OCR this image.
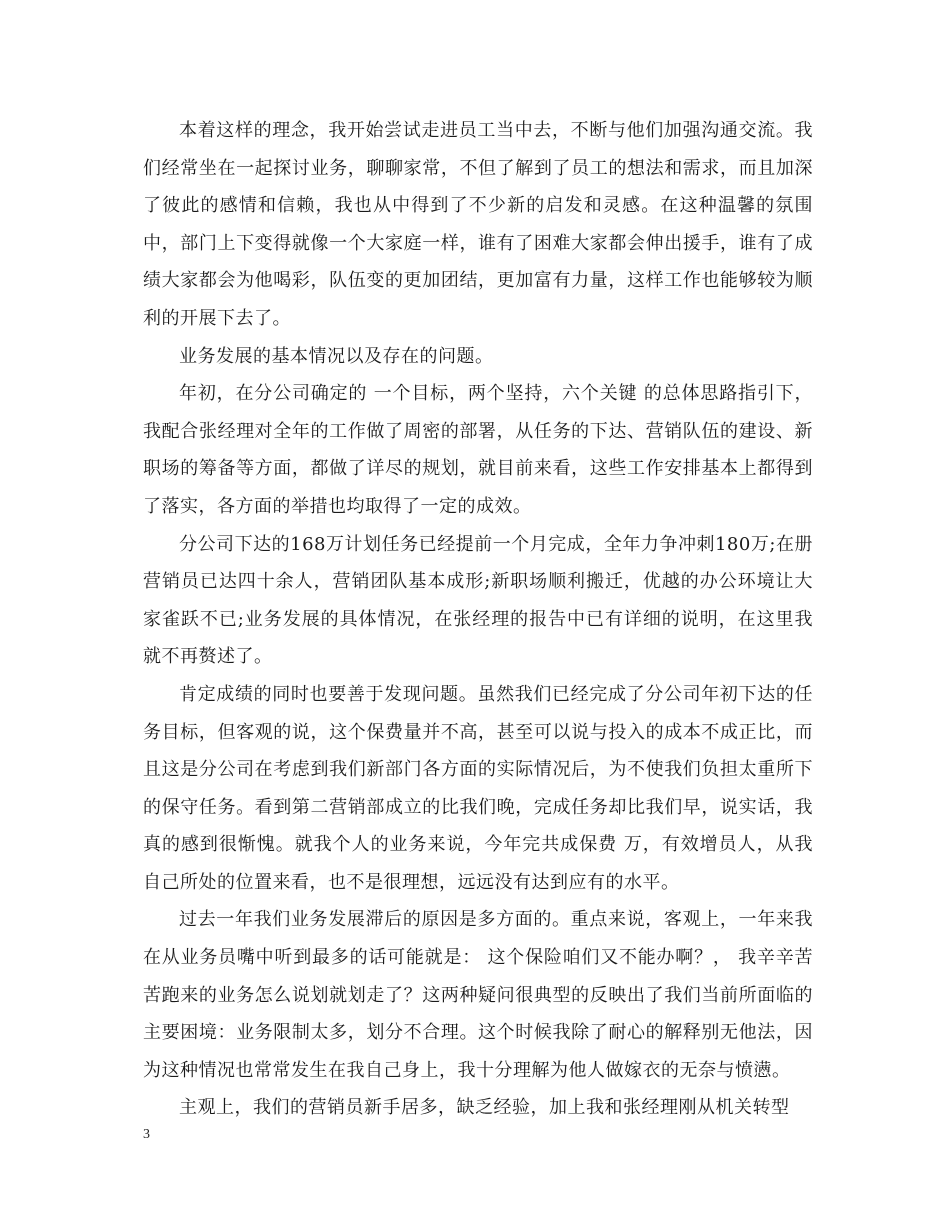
本着这样的理念，我开始尝试走进员工当中去，不断与他们加强沟通交流。我们经常坐在一起探讨业务，聊聊家常，不但了解到了员工的想法和需求，而且加深了彼此的感情和信赖，我也从中得到了不少新的启发和灵感。在这种温馨的氛围中，部门上下变得就像一个大家庭一样，谁有了困难大家都会伸出援手，谁有了成绩大家都会为他喝彩，队伍变的更加团结，更加富有力量，这样工作也能够较为顺利的开展下去了。

业务发展的基本情况以及存在的问题。

年初，在分公司确定的 一个目标，两个坚持，六个关键 的总体思路指引下，我配合张经理对全年的工作做了周密的部署，从任务的下达、营销队伍的建设、新职场的筹备等方面，都做了详尽的规划，就目前来看，这些工作安排基本上都得到了落实，各方面的举措也均取得了一定的成效。

分公司下达的168万计划任务已经提前一个月完成，全年力争冲刺180万;在册营销员已达四十余人，营销团队基本成形;新职场顺利搬迁，优越的办公环境让大家雀跃不已;业务发展的具体情况，在张经理的报告中已有详细的说明，在这里我就不再赘述了。

肯定成绩的同时也要善于发现问题。虽然我们已经完成了分公司年初下达的任务目标，但客观的说，这个保费量并不高，甚至可以说与投入的成本不成正比，而且这是分公司在考虑到我们新部门各方面的实际情况后，为不使我们负担太重所下的保守任务。看到第二营销部成立的比我们晚，完成任务却比我们早，说实话，我真的感到很惭愧。就我个人的业务来说，今年完共成保费 万，有效增员人，从我自己所处的位置来看，也不是很理想，远远没有达到应有的水平。

过去一年我们业务发展滞后的原因是多方面的。重点来说，客观上，一年来我在从业务员嘴中听到最多的话可能就是： 这个保险咱们又不能办啊？， 我辛辛苦苦跑来的业务怎么说划就划走了？这两种疑问很典型的反映出了我们当前所面临的主要困境：业务限制太多，划分不合理。这个时候我除了耐心的解释别无他法，因为这种情况也常常发生在我自己身上，我十分理解为他人做嫁衣的无奈与愤懑。

主观上，我们的营销员新手居多，缺乏经验，加上我和张经理刚从机关转型

3
